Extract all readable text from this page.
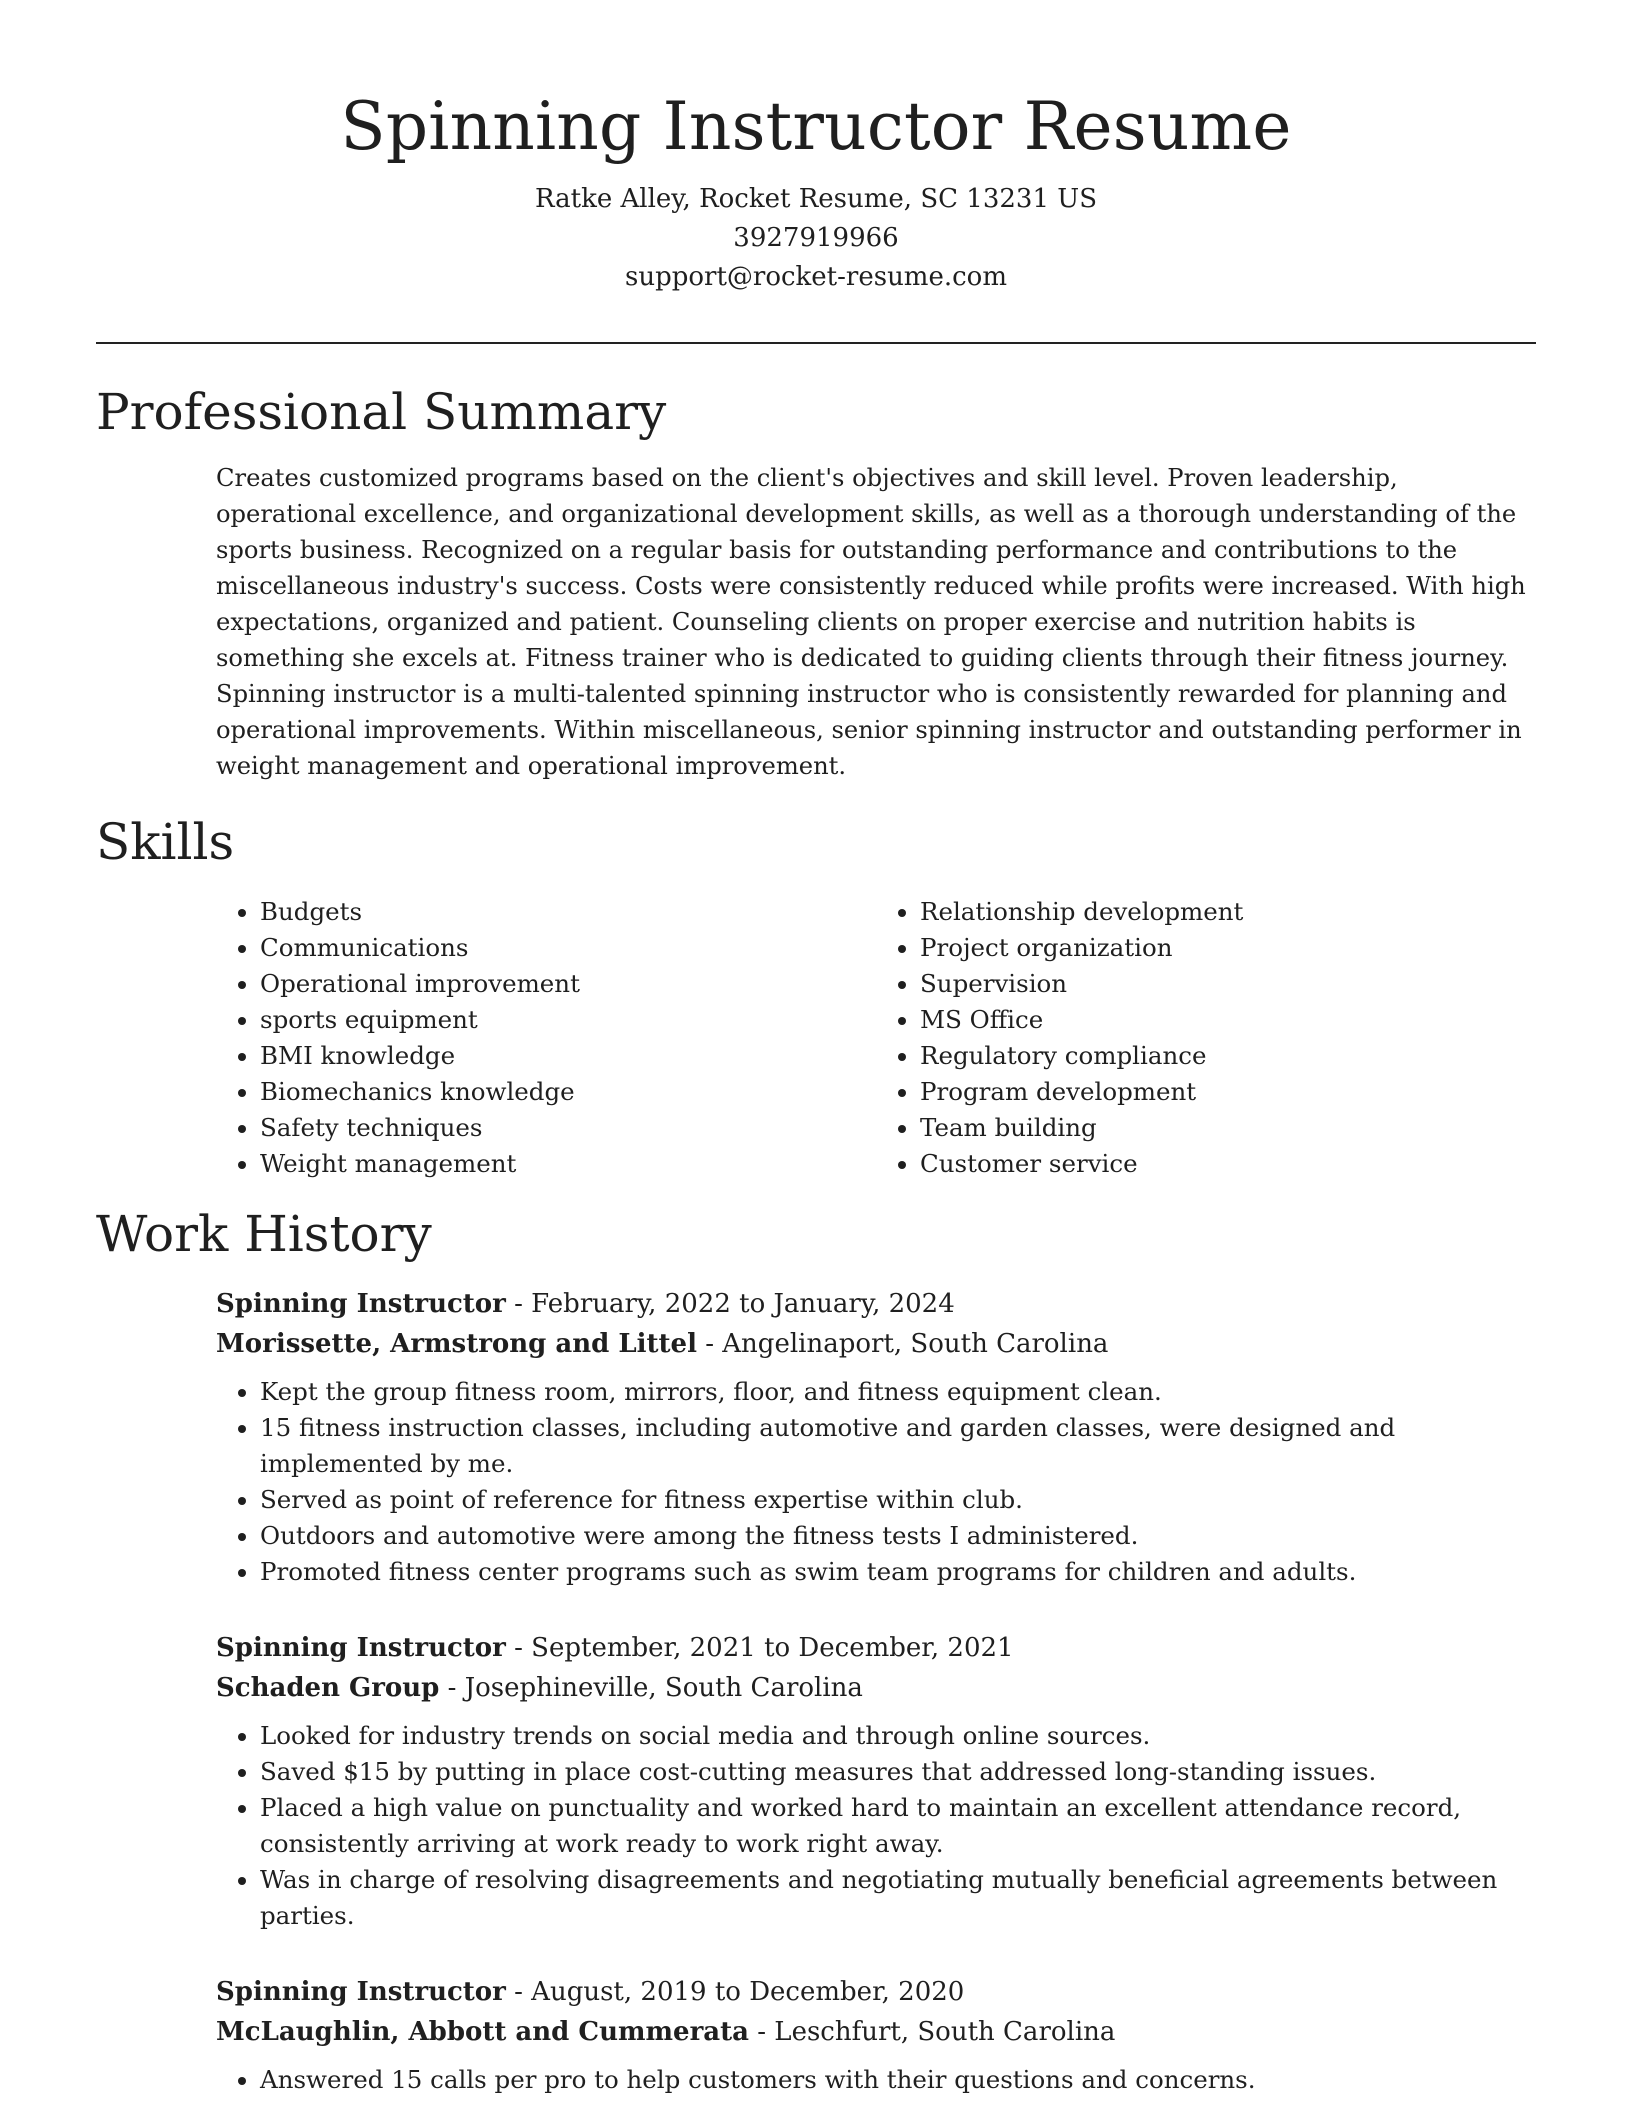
Spinning Instructor Resume
Ratke Alley, Rocket Resume, SC 13231 US
3927919966
support@rocket-resume.com
Professional Summary

Creates customized programs based on the client's objectives and skill level. Proven leadership, operational excellence, and organizational development skills, as well as a thorough understanding of the sports business. Recognized on a regular basis for outstanding performance and contributions to the miscellaneous industry's success. Costs were consistently reduced while profits were increased. With high expectations, organized and patient. Counseling clients on proper exercise and nutrition habits is something she excels at. Fitness trainer who is dedicated to guiding clients through their fitness journey. Spinning instructor is a multi-talented spinning instructor who is consistently rewarded for planning and operational improvements. Within miscellaneous, senior spinning instructor and outstanding performer in weight management and operational improvement.

Skills
• Budgets
• Communications
• Operational improvement
• sports equipment
• BMI knowledge
• Biomechanics knowledge
• Safety techniques
• Weight management
• Relationship development
• Project organization
• Supervision
• MS Office
• Regulatory compliance
• Program development
• Team building
• Customer service
Work History
Spinning Instructor - February, 2022 to January, 2024
Morissette, Armstrong and Littel - Angelinaport, South Carolina
• Kept the group fitness room, mirrors, floor, and fitness equipment clean.
• 15 fitness instruction classes, including automotive and garden classes, were designed and implemented by me.
• Served as point of reference for fitness expertise within club.
• Outdoors and automotive were among the fitness tests I administered.
• Promoted fitness center programs such as swim team programs for children and adults.
Spinning Instructor - September, 2021 to December, 2021
Schaden Group - Josephineville, South Carolina
• Looked for industry trends on social media and through online sources.
• Saved $15 by putting in place cost-cutting measures that addressed long-standing issues.
• Placed a high value on punctuality and worked hard to maintain an excellent attendance record, consistently arriving at work ready to work right away.
• Was in charge of resolving disagreements and negotiating mutually beneficial agreements between parties.
Spinning Instructor - August, 2019 to December, 2020
McLaughlin, Abbott and Cummerata - Leschfurt, South Carolina
• Answered 15 calls per pro to help customers with their questions and concerns.
